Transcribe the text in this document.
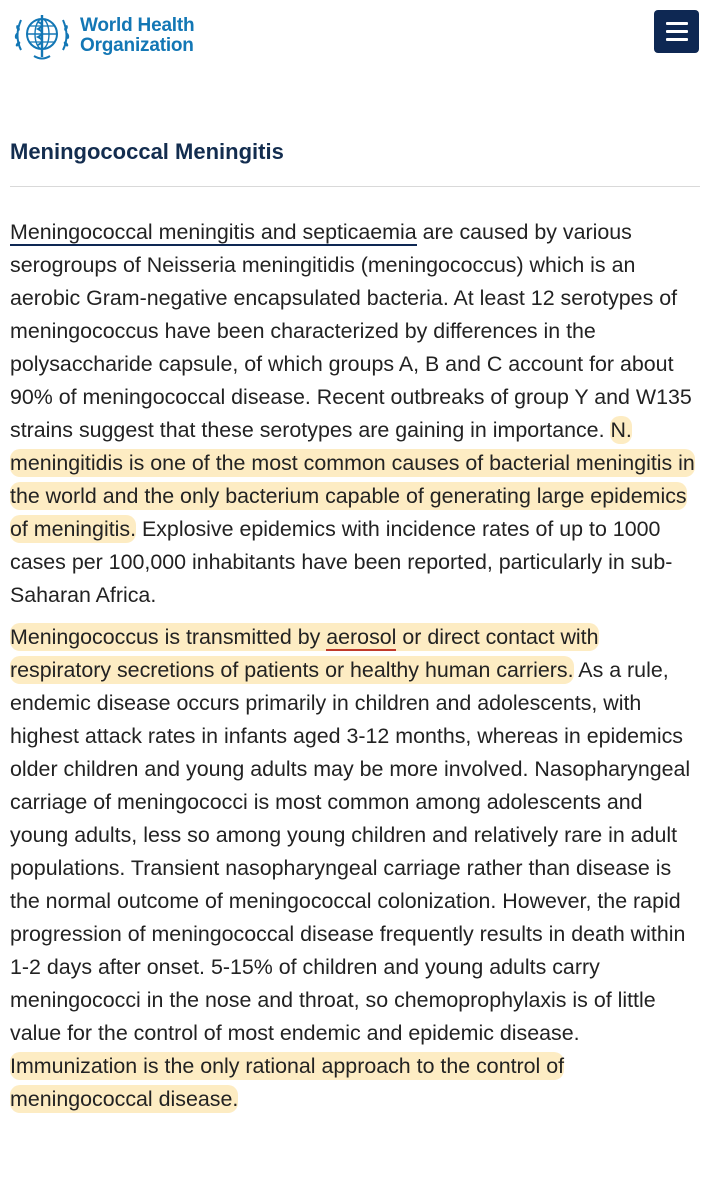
World Health
Organization
Meningococcal Meningitis

Meningococcal meningitis and septicaemia are caused by various serogroups of Neisseria meningitidis (meningococcus) which is an aerobic Gram-negative encapsulated bacteria. At least 12 serotypes of meningococcus have been characterized by differences in the polysaccharide capsule, of which groups A, B and C account for about 90% of meningococcal disease. Recent outbreaks of group Y and W135 strains suggest that these serotypes are gaining in importance. N. meningitidis is one of the most common causes of bacterial meningitis in the world and the only bacterium capable of generating large epidemics of meningitis. Explosive epidemics with incidence rates of up to 1000 cases per 100,000 inhabitants have been reported, particularly in sub-Saharan Africa.

Meningococcus is transmitted by aerosol or direct contact with respiratory secretions of patients or healthy human carriers. As a rule, endemic disease occurs primarily in children and adolescents, with highest attack rates in infants aged 3-12 months, whereas in epidemics older children and young adults may be more involved. Nasopharyngeal carriage of meningococci is most common among adolescents and young adults, less so among young children and relatively rare in adult populations. Transient nasopharyngeal carriage rather than disease is the normal outcome of meningococcal colonization. However, the rapid progression of meningococcal disease frequently results in death within 1-2 days after onset. 5-15% of children and young adults carry meningococci in the nose and throat, so chemoprophylaxis is of little value for the control of most endemic and epidemic disease. Immunization is the only rational approach to the control of meningococcal disease.
